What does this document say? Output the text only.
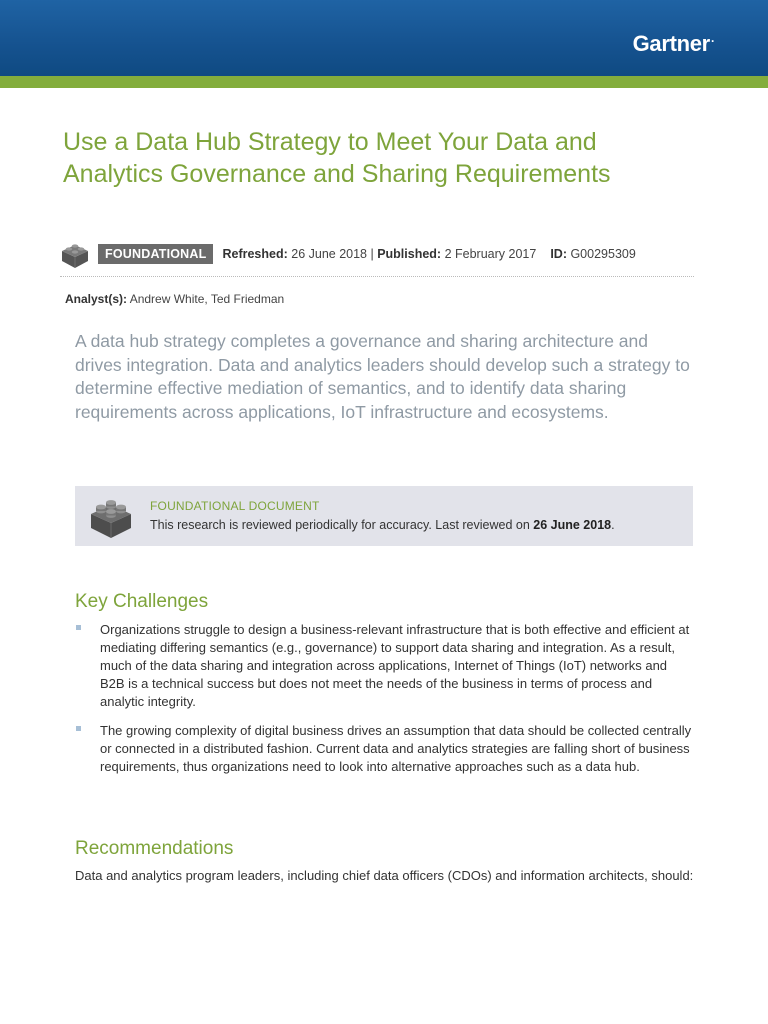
Gartner.
Use a Data Hub Strategy to Meet Your Data and Analytics Governance and Sharing Requirements
FOUNDATIONAL	Refreshed: 26 June 2018 | Published: 2 February 2017 ID: G00295309
Analyst(s): Andrew White, Ted Friedman

A data hub strategy completes a governance and sharing architecture and drives integration. Data and analytics leaders should develop such a strategy to determine effective mediation of semantics, and to identify data sharing requirements across applications, IoT infrastructure and ecosystems.

FOUNDATIONAL DOCUMENT
This research is reviewed periodically for accuracy. Last reviewed on 26 June 2018.
Key Challenges
Organizations struggle to design a business-relevant infrastructure that is both effective and efficient at mediating differing semantics (e.g., governance) to support data sharing and integration. As a result, much of the data sharing and integration across applications, Internet of Things (IoT) networks and B2B is a technical success but does not meet the needs of the business in terms of process and analytic integrity.
The growing complexity of digital business drives an assumption that data should be collected centrally or connected in a distributed fashion. Current data and analytics strategies are falling short of business requirements, thus organizations need to look into alternative approaches such as a data hub.
Recommendations

Data and analytics program leaders, including chief data officers (CDOs) and information architects, should:
